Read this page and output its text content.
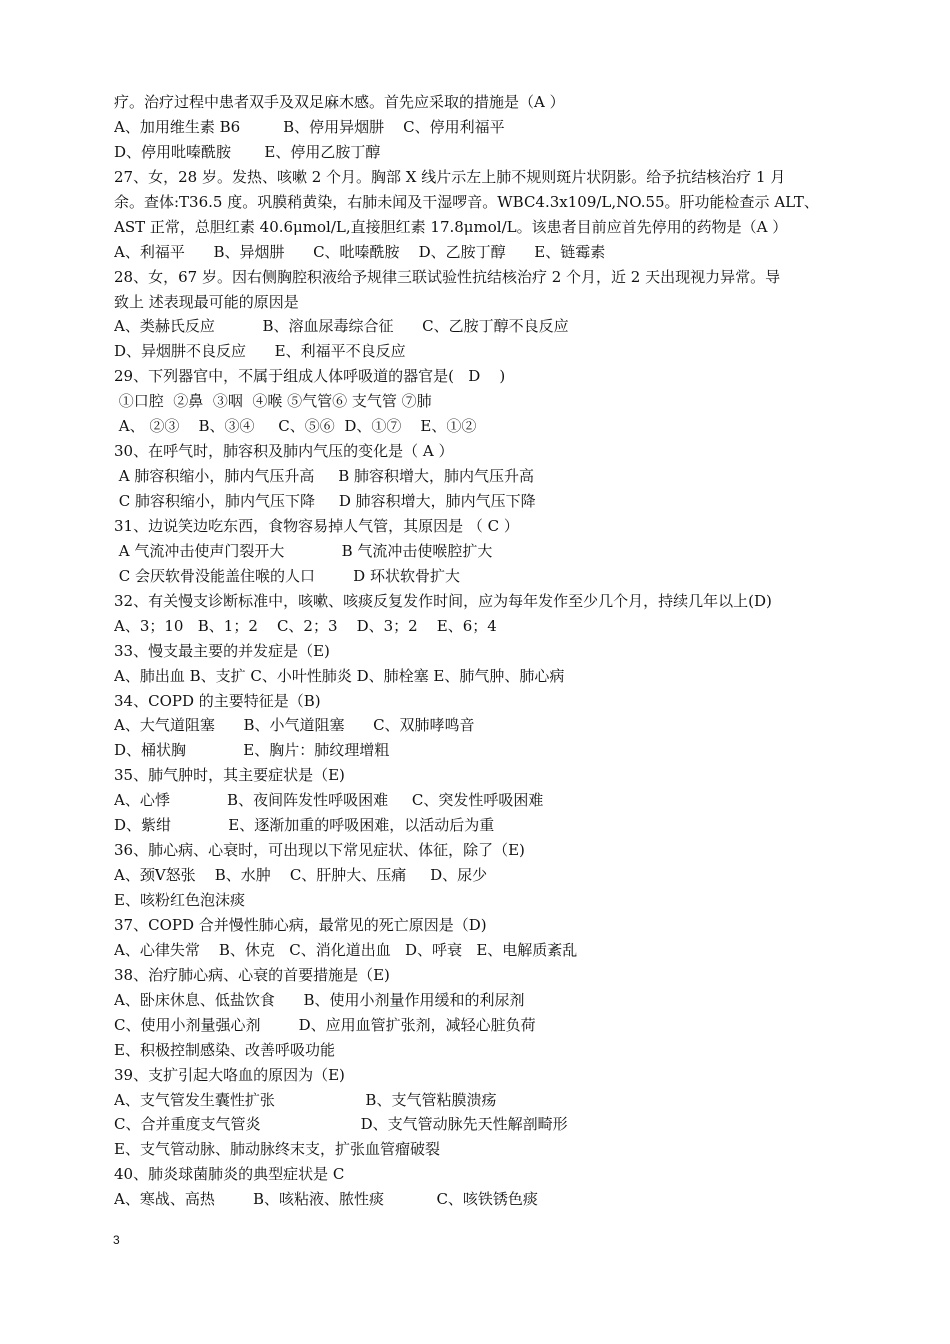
疗。治疗过程中患者双手及双足麻木感。首先应采取的措施是（A ）
A、加用维生素 B6         B、停用异烟肼    C、停用利福平
D、停用吡嗪酰胺       E、停用乙胺丁醇
27、女，28 岁。发热、咳嗽 2 个月。胸部 X 线片示左上肺不规则斑片状阴影。给予抗结核治疗 1 月
余。查体:T36.5 度。巩膜稍黄染，右肺未闻及干湿啰音。WBC4.3x109/L,NO.55。肝功能检查示 ALT、
AST 正常，总胆红素 40.6μmol/L,直接胆红素 17.8μmol/L。该患者目前应首先停用的药物是（A ）
A、利福平      B、异烟肼      C、吡嗪酰胺    D、乙胺丁醇      E、链霉素
28、女，67 岁。因右侧胸腔积液给予规律三联试验性抗结核治疗 2 个月，近 2 天出现视力异常。导
致上 述表现最可能的原因是
A、类赫氏反应          B、溶血尿毒综合征      C、乙胺丁醇不良反应
D、异烟肼不良反应      E、利福平不良反应
29、下列器官中，不属于组成人体呼吸道的器官是(   D    )
①口腔  ②鼻  ③咽  ④喉 ⑤气管⑥ 支气管 ⑦肺
A、 ②③    B、③④     C、⑤⑥  D、①⑦    E、①②
30、在呼气时，肺容积及肺内气压的变化是（ A ）
A 肺容积缩小，肺内气压升高     B 肺容积增大，肺内气压升高
C 肺容积缩小，肺内气压下降     D 肺容积增大，肺内气压下降
31、边说笑边吃东西，食物容易掉人气管，其原因是 （ C ）
A 气流冲击使声门裂开大            B 气流冲击使喉腔扩大
C 会厌软骨没能盖住喉的人口        D 环状软骨扩大
32、有关慢支诊断标准中，咳嗽、咳痰反复发作时间，应为每年发作至少几个月，持续几年以上(D)
A、3；10   B、1；2    C、2；3    D、3；2    E、6；4
33、慢支最主要的并发症是（E)
A、肺出血 B、支扩 C、小叶性肺炎 D、肺栓塞 E、肺气肿、肺心病
34、COPD 的主要特征是（B)
A、大气道阻塞      B、小气道阻塞      C、双肺哮鸣音
D、桶状胸            E、胸片：肺纹理增粗
35、肺气肿时，其主要症状是（E)
A、心悸            B、夜间阵发性呼吸困难     C、突发性呼吸困难
D、紫绀            E、逐渐加重的呼吸困难，以活动后为重
36、肺心病、心衰时，可出现以下常见症状、体征，除了（E)
A、颈Ⅴ怒张    B、水肿    C、肝肿大、压痛     D、尿少
E、咳粉红色泡沫痰
37、COPD 合并慢性肺心病，最常见的死亡原因是（D)
A、心律失常    B、休克   C、消化道出血   D、呼衰   E、电解质紊乱
38、治疗肺心病、心衰的首要措施是（E)
A、卧床休息、低盐饮食      B、使用小剂量作用缓和的利尿剂
C、使用小剂量强心剂        D、应用血管扩张剂，减轻心脏负荷
E、积极控制感染、改善呼吸功能
39、支扩引起大咯血的原因为（E)
A、支气管发生囊性扩张                   B、支气管粘膜溃疡
C、合并重度支气管炎                     D、支气管动脉先天性解剖畸形
E、支气管动脉、肺动脉终末支，扩张血管瘤破裂
40、肺炎球菌肺炎的典型症状是 C
A、寒战、高热        B、咳粘液、脓性痰           C、咳铁锈色痰
3
